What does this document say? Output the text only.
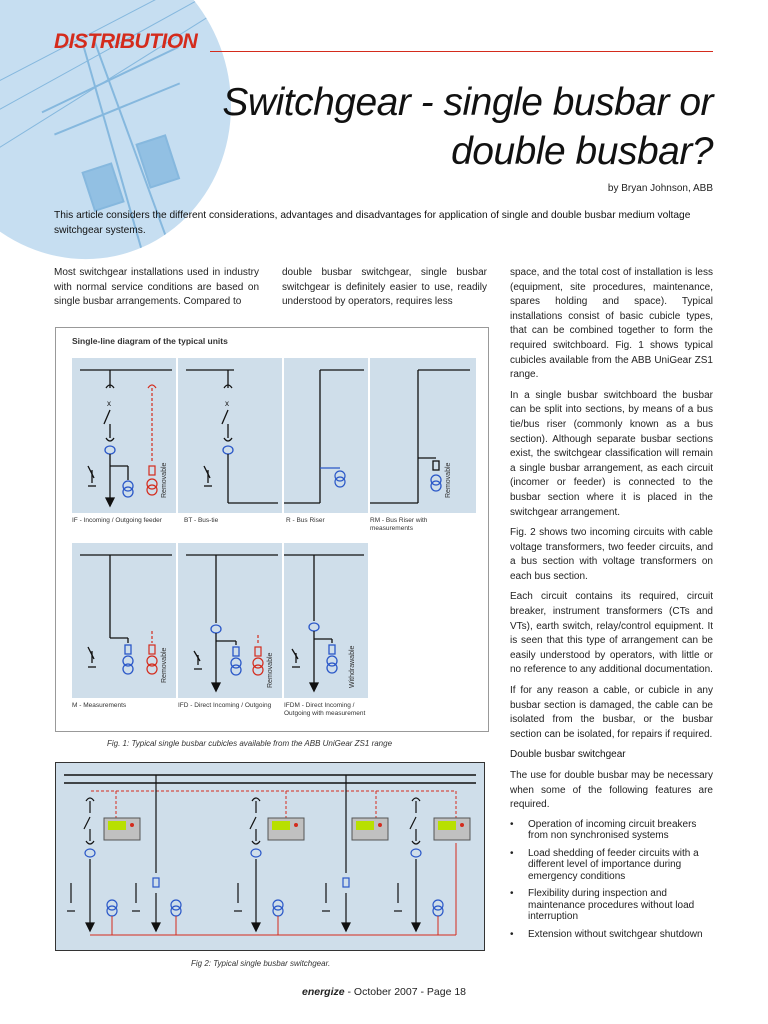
DISTRIBUTION
Switchgear - single busbar or
double busbar?
by Bryan Johnson, ABB
This article considers the different considerations, advantages and disadvantages for application of single and double busbar medium voltage switchgear systems.

Most switchgear installations used in industry with normal service conditions are based on single busbar arrangements. Compared to

double busbar switchgear, single busbar switchgear is definitely easier to use, readily understood by operators, requires less

space, and the total cost of installation is less (equipment, site procedures, maintenance, spares holding and space). Typical installations consist of basic cubicle types, that can be combined together to form the required switchboard. Fig. 1 shows typical cubicles available from the ABB UniGear ZS1 range.

In a single busbar switchboard the busbar can be split into sections, by means of a bus tie/bus riser (commonly known as a bus section). Although separate busbar sections exist, the switchgear classification will remain a single busbar arrangement, as each circuit (incomer or feeder) is connected to the busbar section where it is placed in the switchgear arrangement.

Fig. 2 shows two incoming circuits with cable voltage transformers, two feeder circuits, and a bus section with voltage transformers on each bus section.

Each circuit contains its required, circuit breaker, instrument transformers (CTs and VTs), earth switch, relay/control equipment. It is seen that this type of arrangement can be easily understood by operators, with little or no reference to any additional documentation.

If for any reason a cable, or cubicle in any busbar section is damaged, the cable can be isolated from the busbar, or the busbar section can be isolated, for repairs if required.

Double busbar switchgear

The use for double busbar may be necessary when some of the following features are required.

• Operation of incoming circuit breakers from non synchronised systems
• Load shedding of feeder circuits with a different level of importance during emergency conditions
• Flexibility during inspection and maintenance procedures without load interruption
• Extension without switchgear shutdown
Single-line diagram of the typical units
x
Removable
x
Removable
IF - Incoming / Outgoing feeder	BT - Bus-tie	R - Bus Riser	RM - Bus Riser with measurements
Removable	Removable	Withdrawable
M - Measurements	IFD - Direct Incoming / Outgoing	IFDM - Direct Incoming / Outgoing with measurement
Fig. 1: Typical single busbar cubicles available from the ABB UniGear ZS1 range
Fig 2: Typical single busbar switchgear.
energize - October 2007 - Page 18
